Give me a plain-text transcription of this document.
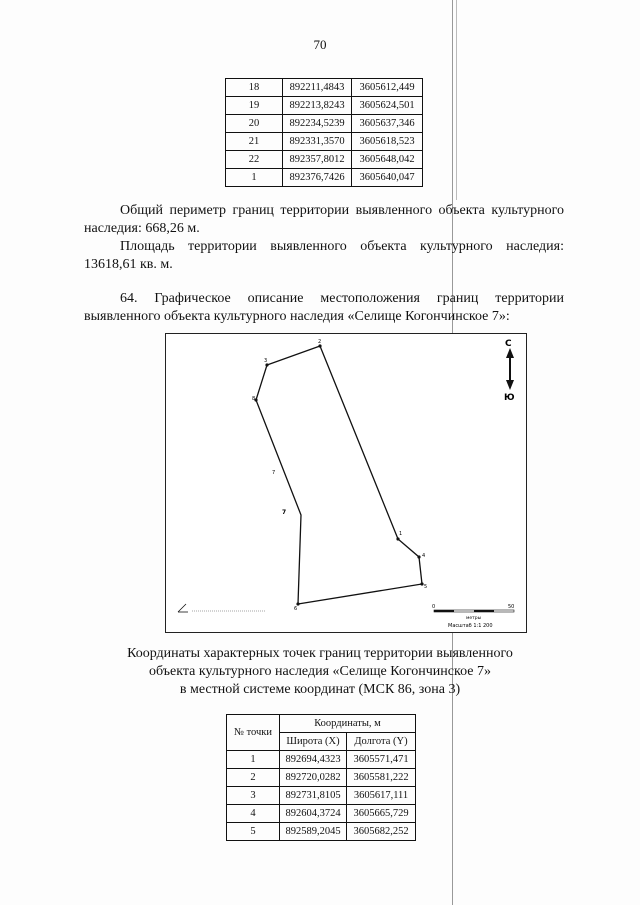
70
18	892211,4843	3605612,449
19	892213,8243	3605624,501
20	892234,5239	3605637,346
21	892331,3570	3605618,523
22	892357,8012	3605648,042
1	892376,7426	3605640,047

Общий периметр границ территории выявленного объекта культурного наследия: 668,26 м.

Площадь территории выявленного объекта культурного наследия: 13618,61 кв. м.

64. Графическое описание местоположения границ территории выявленного объекта культурного наследия «Селище Когончинское 7»:

2
3
8
1
4
5
6
7
7
С
Ю
0	50
метры
Масштаб 1:1 200
Координаты характерных точек границ территории выявленного
объекта культурного наследия «Селище Когончинское 7»
в местной системе координат (МСК 86, зона 3)
№ точки	Координаты, м	
	Широта (X)	Долгота (Y)
1	892694,4323	3605571,471
2	892720,0282	3605581,222
3	892731,8105	3605617,111
4	892604,3724	3605665,729
5	892589,2045	3605682,252
